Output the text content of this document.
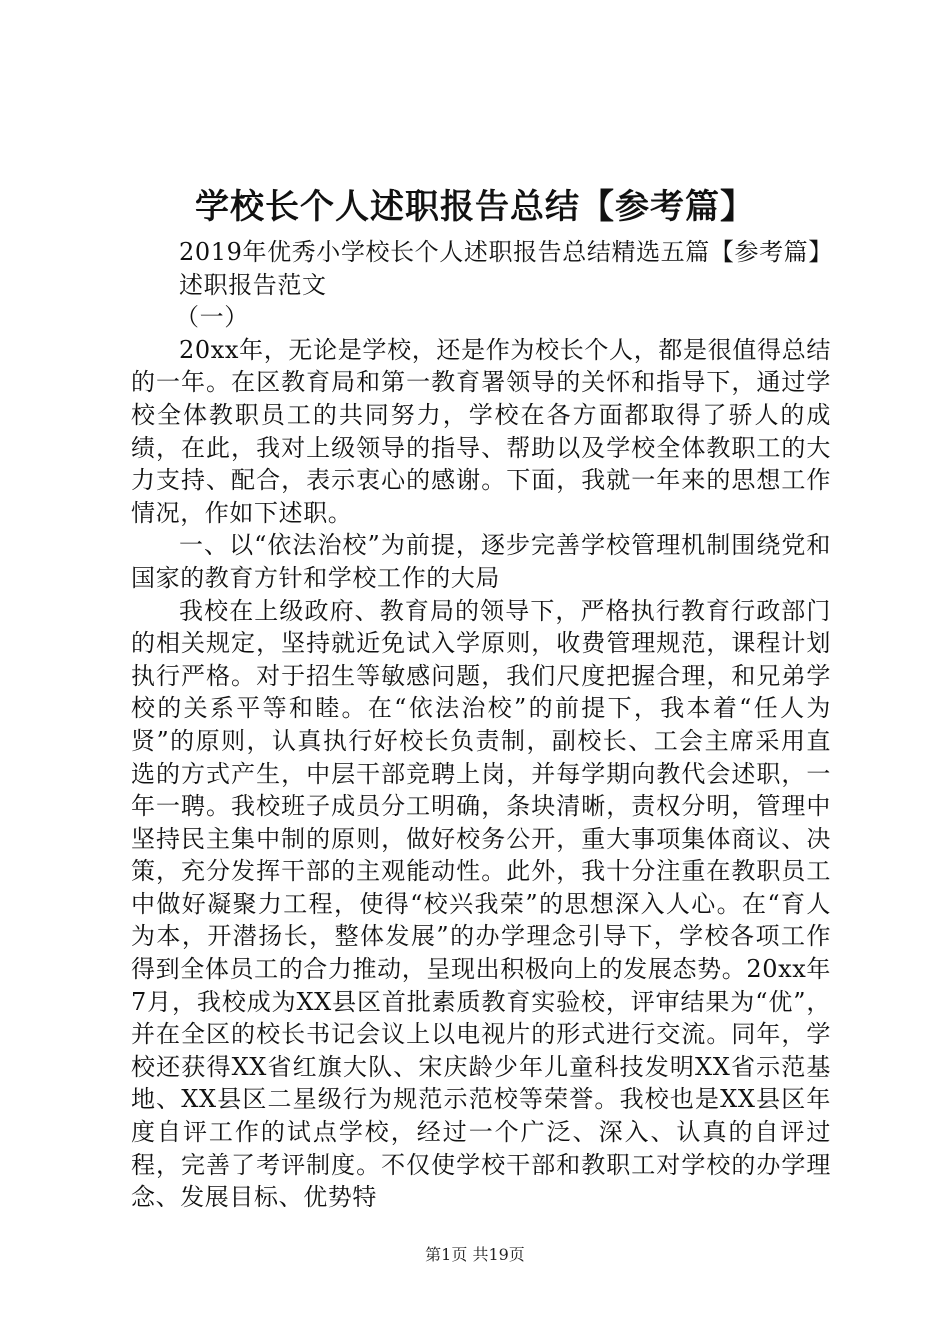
学校长个人述职报告总结【参考篇】

2019年优秀小学校长个人述职报告总结精选五篇【参考篇】

述职报告范文

（一）

20xx年，无论是学校，还是作为校长个人，都是很值得总结的一年。在区教育局和第一教育署领导的关怀和指导下，通过学校全体教职员工的共同努力，学校在各方面都取得了骄人的成绩，在此，我对上级领导的指导、帮助以及学校全体教职工的大力支持、配合，表示衷心的感谢。下面，我就一年来的思想工作情况，作如下述职。

一、以“依法治校”为前提，逐步完善学校管理机制围绕党和国家的教育方针和学校工作的大局

我校在上级政府、教育局的领导下，严格执行教育行政部门的相关规定，坚持就近免试入学原则，收费管理规范，课程计划执行严格。对于招生等敏感问题，我们尺度把握合理，和兄弟学校的关系平等和睦。在“依法治校”的前提下，我本着“任人为贤”的原则，认真执行好校长负责制，副校长、工会主席采用直选的方式产生，中层干部竞聘上岗，并每学期向教代会述职，一年一聘。我校班子成员分工明确，条块清晰，责权分明，管理中坚持民主集中制的原则，做好校务公开，重大事项集体商议、决策，充分发挥干部的主观能动性。此外，我十分注重在教职员工中做好凝聚力工程，使得“校兴我荣”的思想深入人心。在“育人为本，开潜扬长，整体发展”的办学理念引导下，学校各项工作得到全体员工的合力推动，呈现出积极向上的发展态势。20xx年7月，我校成为XX县区首批素质教育实验校，评审结果为“优”，并在全区的校长书记会议上以电视片的形式进行交流。同年，学校还获得XX省红旗大队、宋庆龄少年儿童科技发明XX省示范基地、XX县区二星级行为规范示范校等荣誉。我校也是XX县区年度自评工作的试点学校，经过一个广泛、深入、认真的自评过程，完善了考评制度。不仅使学校干部和教职工对学校的办学理念、发展目标、优势特

第1页 共19页
